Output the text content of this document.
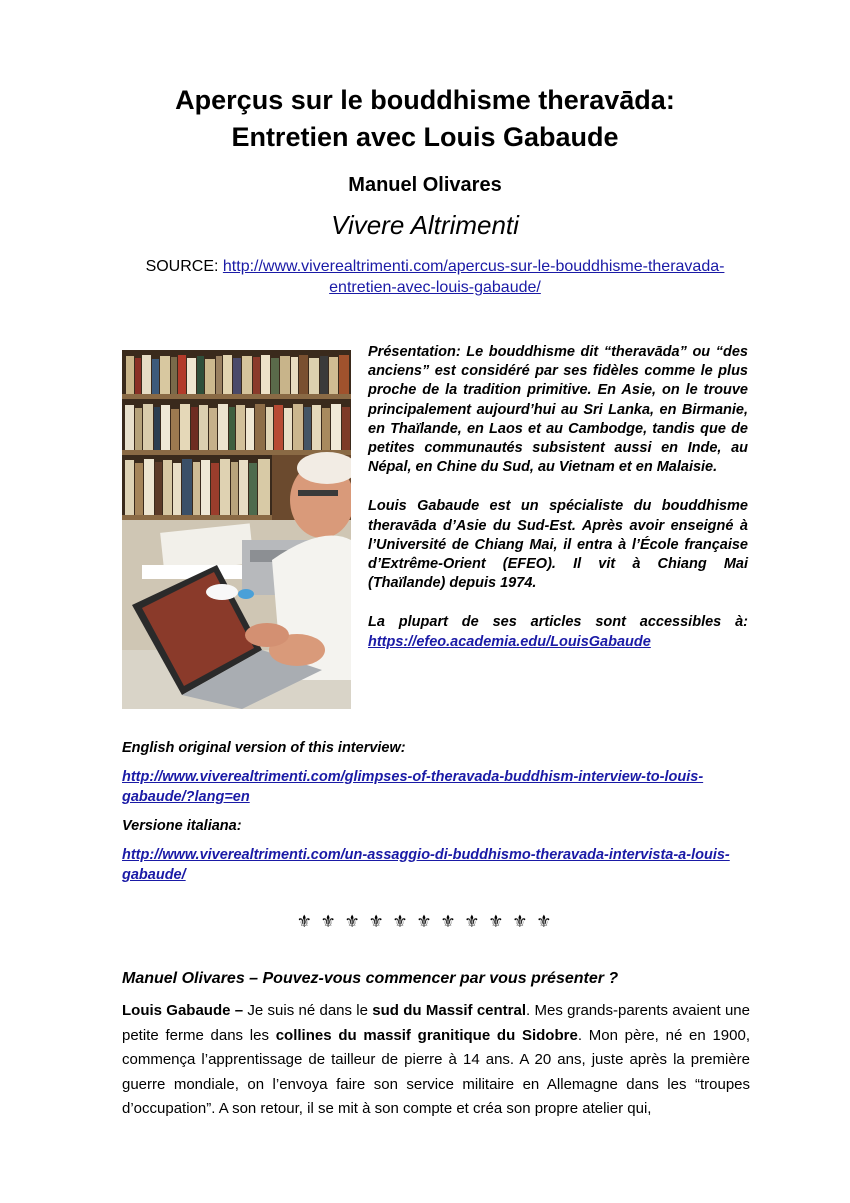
Aperçus sur le bouddhisme theravāda:
Entretien avec Louis Gabaude
Manuel Olivares
Vivere Altrimenti
SOURCE: http://www.viverealtrimenti.com/apercus-sur-le-bouddhisme-theravada-
entretien-avec-louis-gabaude/

Présentation: Le bouddhisme dit “theravāda” ou “des anciens” est considéré par ses fidèles comme le plus proche de la tradition primitive. En Asie, on le trouve principalement aujourd’hui au Sri Lanka, en Birmanie, en Thaïlande, en Laos et au Cambodge, tandis que de petites communautés subsistent aussi en Inde, au Népal, en Chine du Sud, au Vietnam et en Malaisie.

Louis Gabaude est un spécialiste du bouddhisme theravāda d’Asie du Sud-Est. Après avoir enseigné à l’Université de Chiang Mai, il entra à l’École française d’Extrême-Orient (EFEO). Il vit à Chiang Mai (Thaïlande) depuis 1974.

La plupart de ses articles sont accessibles à: https://efeo.academia.edu/LouisGabaude

English original version of this interview:

http://www.viverealtrimenti.com/glimpses-of-theravada-buddhism-interview-to-louis-gabaude/?lang=en

Versione italiana:

http://www.viverealtrimenti.com/un-assaggio-di-buddhismo-theravada-intervista-a-louis-gabaude/

⚜ ⚜ ⚜ ⚜ ⚜ ⚜ ⚜ ⚜ ⚜ ⚜ ⚜
Manuel Olivares – Pouvez-vous commencer par vous présenter ?
Louis Gabaude – Je suis né dans le sud du Massif central. Mes grands-parents avaient une petite ferme dans les collines du massif granitique du Sidobre. Mon père, né en 1900, commença l’apprentissage de tailleur de pierre à 14 ans. A 20 ans, juste après la première guerre mondiale, on l’envoya faire son service militaire en Allemagne dans les “troupes d’occupation”. A son retour, il se mit à son compte et créa son propre atelier qui,
